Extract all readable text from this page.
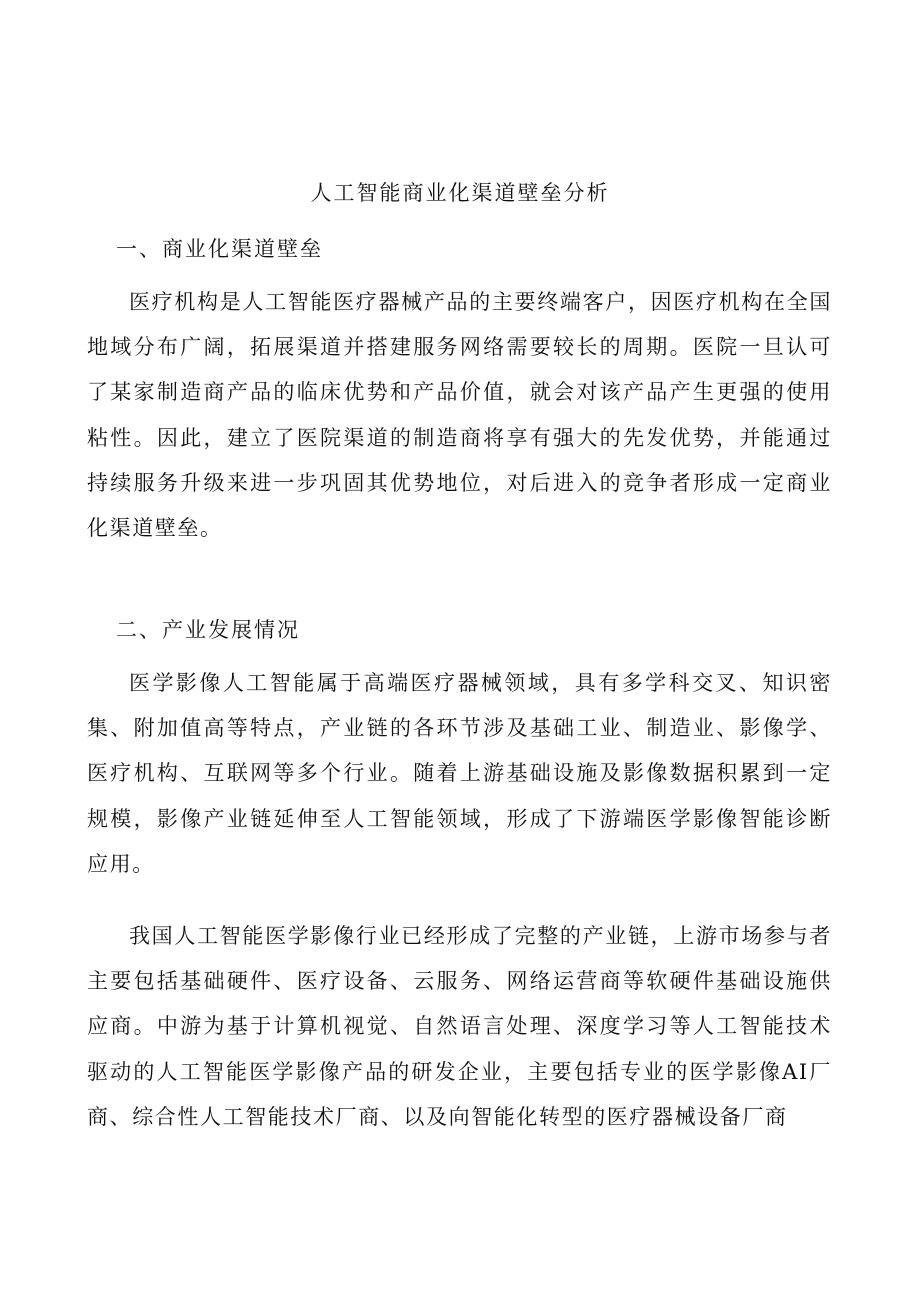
人工智能商业化渠道壁垒分析
一、商业化渠道壁垒

医疗机构是人工智能医疗器械产品的主要终端客户，因医疗机构在全国地域分布广阔，拓展渠道并搭建服务网络需要较长的周期。医院一旦认可了某家制造商产品的临床优势和产品价值，就会对该产品产生更强的使用粘性。因此，建立了医院渠道的制造商将享有强大的先发优势，并能通过持续服务升级来进一步巩固其优势地位，对后进入的竞争者形成一定商业化渠道壁垒。

二、产业发展情况

医学影像人工智能属于高端医疗器械领域，具有多学科交叉、知识密集、附加值高等特点，产业链的各环节涉及基础工业、制造业、影像学、医疗机构、互联网等多个行业。随着上游基础设施及影像数据积累到一定规模，影像产业链延伸至人工智能领域，形成了下游端医学影像智能诊断应用。

我国人工智能医学影像行业已经形成了完整的产业链，上游市场参与者主要包括基础硬件、医疗设备、云服务、网络运营商等软硬件基础设施供应商。中游为基于计算机视觉、自然语言处理、深度学习等人工智能技术驱动的人工智能医学影像产品的研发企业，主要包括专业的医学影像AI厂商、综合性人工智能技术厂商、以及向智能化转型的医疗器械设备厂商
